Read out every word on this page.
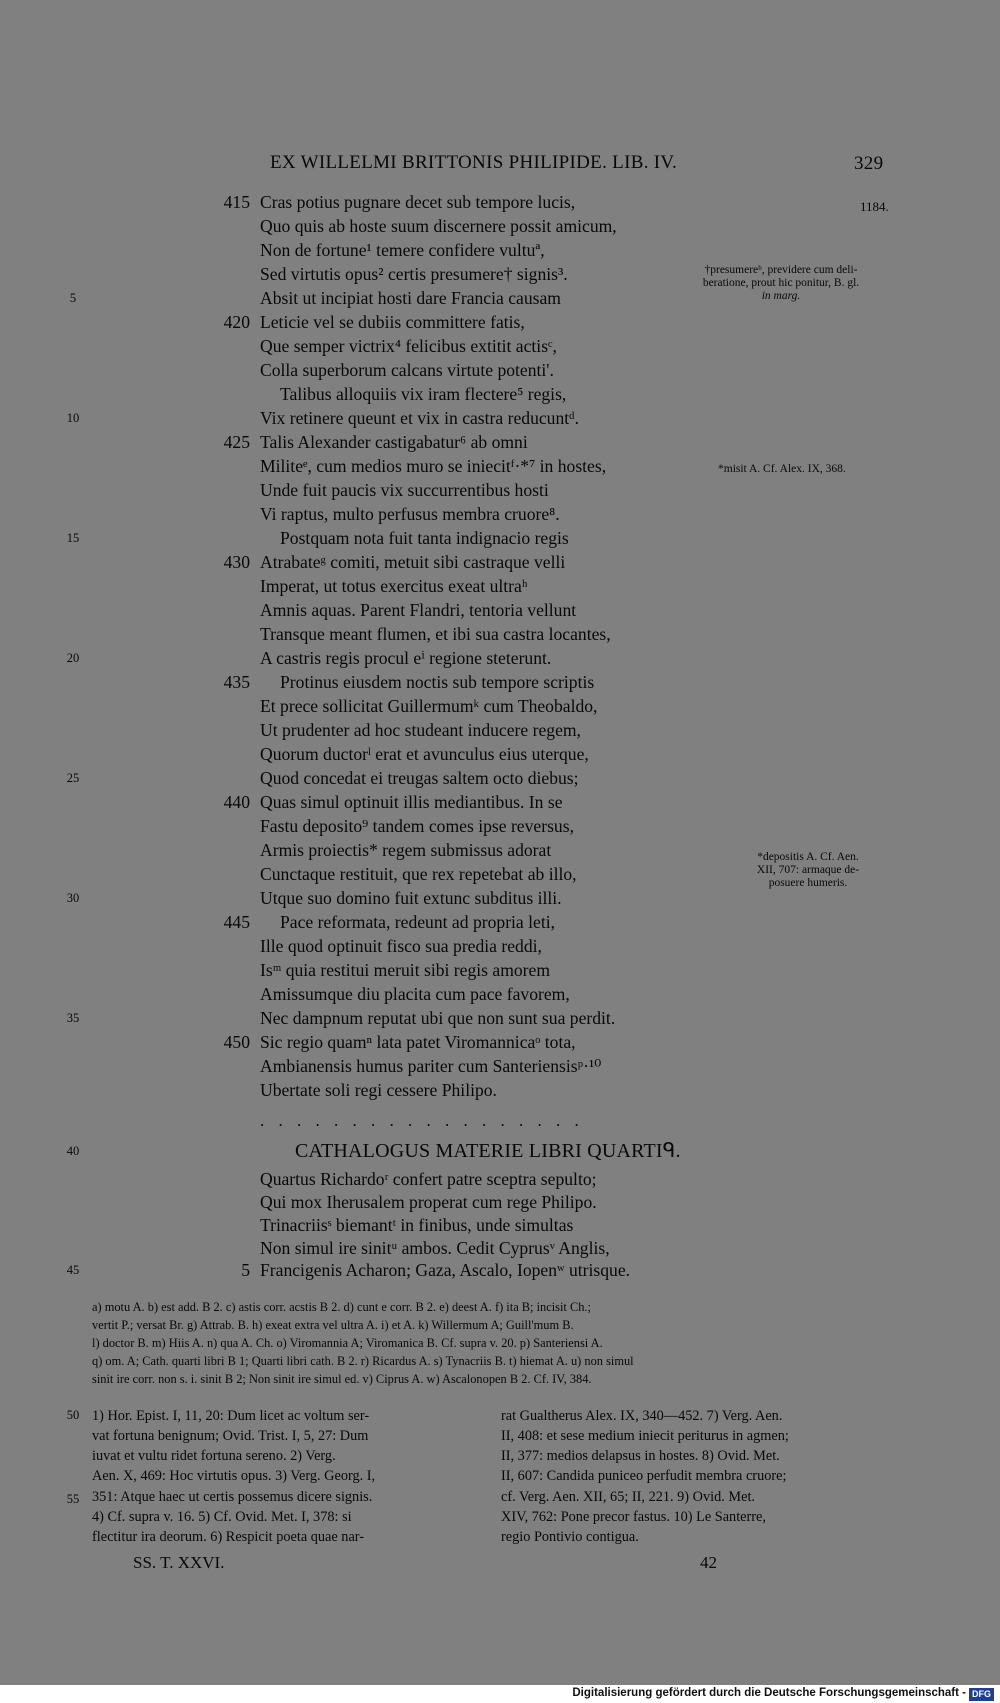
EX WILLELMI BRITTONIS PHILIPIDE. LIB. IV.	329
1184.
415
420
425
430
435
440
445
450
5
5
10
15
20
25
30
35
40
45
50
55
Cras potius pugnare decet sub tempore lucis,
Quo quis ab hoste suum discernere possit amicum,
Non de fortune¹ temere confidere vultuª,
Sed virtutis opus² certis presumere† signis³.
Absit ut incipiat hosti dare Francia causam
Leticie vel se dubiis committere fatis,
Que semper victrix⁴ felicibus extitit actisᶜ,
Colla superborum calcans virtute potenti'.
Talibus alloquiis vix iram flectere⁵ regis,
Vix retinere queunt et vix in castra reducuntᵈ.
Talis Alexander castigabatur⁶ ab omni
Militeᵉ, cum medios muro se iniecitᶠ·*⁷ in hostes,
Unde fuit paucis vix succurrentibus hosti
Vi raptus, multo perfusus membra cruore⁸.
Postquam nota fuit tanta indignacio regis
Atrabateᵍ comiti, metuit sibi castraque velli
Imperat, ut totus exercitus exeat ultraʰ
Amnis aquas. Parent Flandri, tentoria vellunt
Transque meant flumen, et ibi sua castra locantes,
A castris regis procul eⁱ regione steterunt.
Protinus eiusdem noctis sub tempore scriptis
Et prece sollicitat Guillermumᵏ cum Theobaldo,
Ut prudenter ad hoc studeant inducere regem,
Quorum ductorˡ erat et avunculus eius uterque,
Quod concedat ei treugas saltem octo diebus;
Quas simul optinuit illis mediantibus. In se
Fastu deposito⁹ tandem comes ipse reversus,
Armis proiectis* regem submissus adorat
Cunctaque restituit, que rex repetebat ab illo,
Utque suo domino fuit extunc subditus illi.
Pace reformata, redeunt ad propria leti,
Ille quod optinuit fisco sua predia reddi,
Isᵐ quia restitui meruit sibi regis amorem
Amissumque diu placita cum pace favorem,
Nec dampnum reputat ubi que non sunt sua perdit.
Sic regio quamⁿ lata patet Viromannicaᵒ tota,
Ambianensis humus pariter cum Santeriensisᵖ·¹⁰
Ubertate soli regi cessere Philipo.
†presumereᵇ, previdere cum deli-
beratione, prout hic ponitur, B. gl.
in marg.
*misit A. Cf. Alex. IX, 368.
*depositis A. Cf. Aen.
XII, 707: armaque de-
posuere humeris.
. . . . . . . . . . . . . . . . . .
CATHALOGUS MATERIE LIBRI QUARTIᑫ.
Quartus Richardoʳ confert patre sceptra sepulto;
Qui mox Iherusalem properat cum rege Philipo.
Trinacriisˢ biemantᵗ in finibus, unde simultas
Non simul ire sinitᵘ ambos. Cedit Cyprusᵛ Anglis,
Francigenis Acharon; Gaza, Ascalo, Iopenʷ utrisque.
a) motu A. b) est add. B 2. c) astis corr. acstis B 2. d) cunt e corr. B 2. e) deest A. f) ita B; incisit Ch.;
vertit P.; versat Br. g) Attrab. B. h) exeat extra vel ultra A. i) et A. k) Willermum A; Guill'mum B.
l) doctor B. m) Hiis A. n) qua A. Ch. o) Viromannia A; Viromanica B. Cf. supra v. 20. p) Santeriensi A.
q) om. A; Cath. quarti libri B 1; Quarti libri cath. B 2. r) Ricardus A. s) Tynacriis B. t) hiemat A. u) non simul
sinit ire corr. non s. i. sinit B 2; Non sinit ire simul ed. v) Ciprus A. w) Ascalonopen B 2. Cf. IV, 384.
1) Hor. Epist. I, 11, 20: Dum licet ac voltum ser-
vat fortuna benignum; Ovid. Trist. I, 5, 27: Dum
iuvat et vultu ridet fortuna sereno. 2) Verg.
Aen. X, 469: Hoc virtutis opus. 3) Verg. Georg. I,
351: Atque haec ut certis possemus dicere signis.
4) Cf. supra v. 16. 5) Cf. Ovid. Met. I, 378: si
flectitur ira deorum. 6) Respicit poeta quae nar-
rat Gualtherus Alex. IX, 340—452. 7) Verg. Aen.
II, 408: et sese medium iniecit periturus in agmen;
II, 377: medios delapsus in hostes. 8) Ovid. Met.
II, 607: Candida puniceo perfudit membra cruore;
cf. Verg. Aen. XII, 65; II, 221. 9) Ovid. Met.
XIV, 762: Pone precor fastus. 10) Le Santerre,
regio Pontivio contigua.
SS. T. XXVI.	42
Digitalisierung gefördert durch die Deutsche Forschungsgemeinschaft - DFG
